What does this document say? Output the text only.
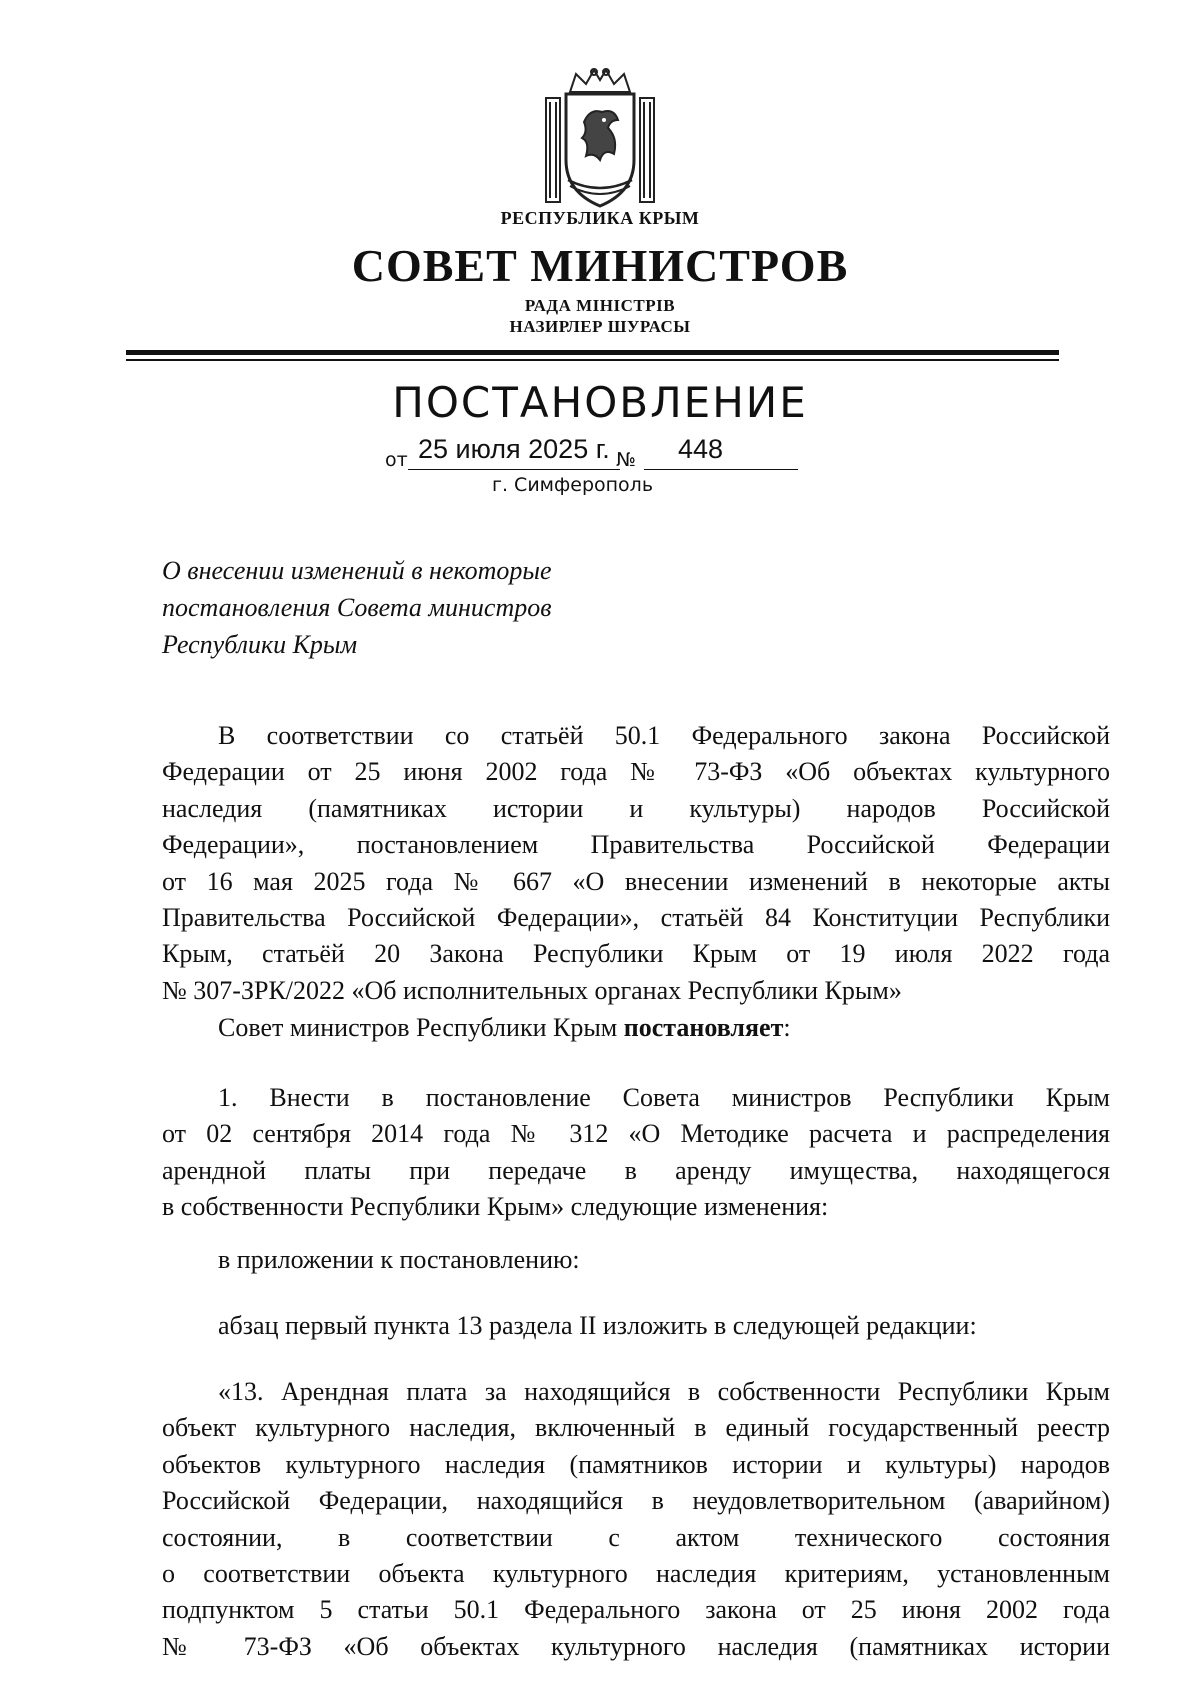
РЕСПУБЛИКА КРЫМ
СОВЕТ МИНИСТРОВ
РАДА МІНІСТРІВ
НАЗИРЛЕР ШУРАСЫ
ПОСТАНОВЛЕНИЕ
от 25 июля 2025 г. № 448
г. Симферополь
О внесении изменений в некоторые
постановления Совета министров
Республики Крым
В соответствии со статьёй 50.1 Федерального закона Российской
Федерации от 25 июня 2002 года № 73-ФЗ «Об объектах культурного
наследия (памятниках истории и культуры) народов Российской
Федерации», постановлением Правительства Российской Федерации
от 16 мая 2025 года № 667 «О внесении изменений в некоторые акты
Правительства Российской Федерации», статьёй 84 Конституции Республики
Крым, статьёй 20 Закона Республики Крым от 19 июля 2022 года
№ 307-ЗРК/2022 «Об исполнительных органах Республики Крым»
Совет министров Республики Крым постановляет:
1. Внести в постановление Совета министров Республики Крым
от 02 сентября 2014 года № 312 «О Методике расчета и распределения
арендной платы при передаче в аренду имущества, находящегося
в собственности Республики Крым» следующие изменения:
в приложении к постановлению:
абзац первый пункта 13 раздела II изложить в следующей редакции:
«13. Арендная плата за находящийся в собственности Республики Крым
объект культурного наследия, включенный в единый государственный реестр
объектов культурного наследия (памятников истории и культуры) народов
Российской Федерации, находящийся в неудовлетворительном (аварийном)
состоянии, в соответствии с актом технического состояния
о соответствии объекта культурного наследия критериям, установленным
подпунктом 5 статьи 50.1 Федерального закона от 25 июня 2002 года
№ 73-ФЗ «Об объектах культурного наследия (памятниках истории
